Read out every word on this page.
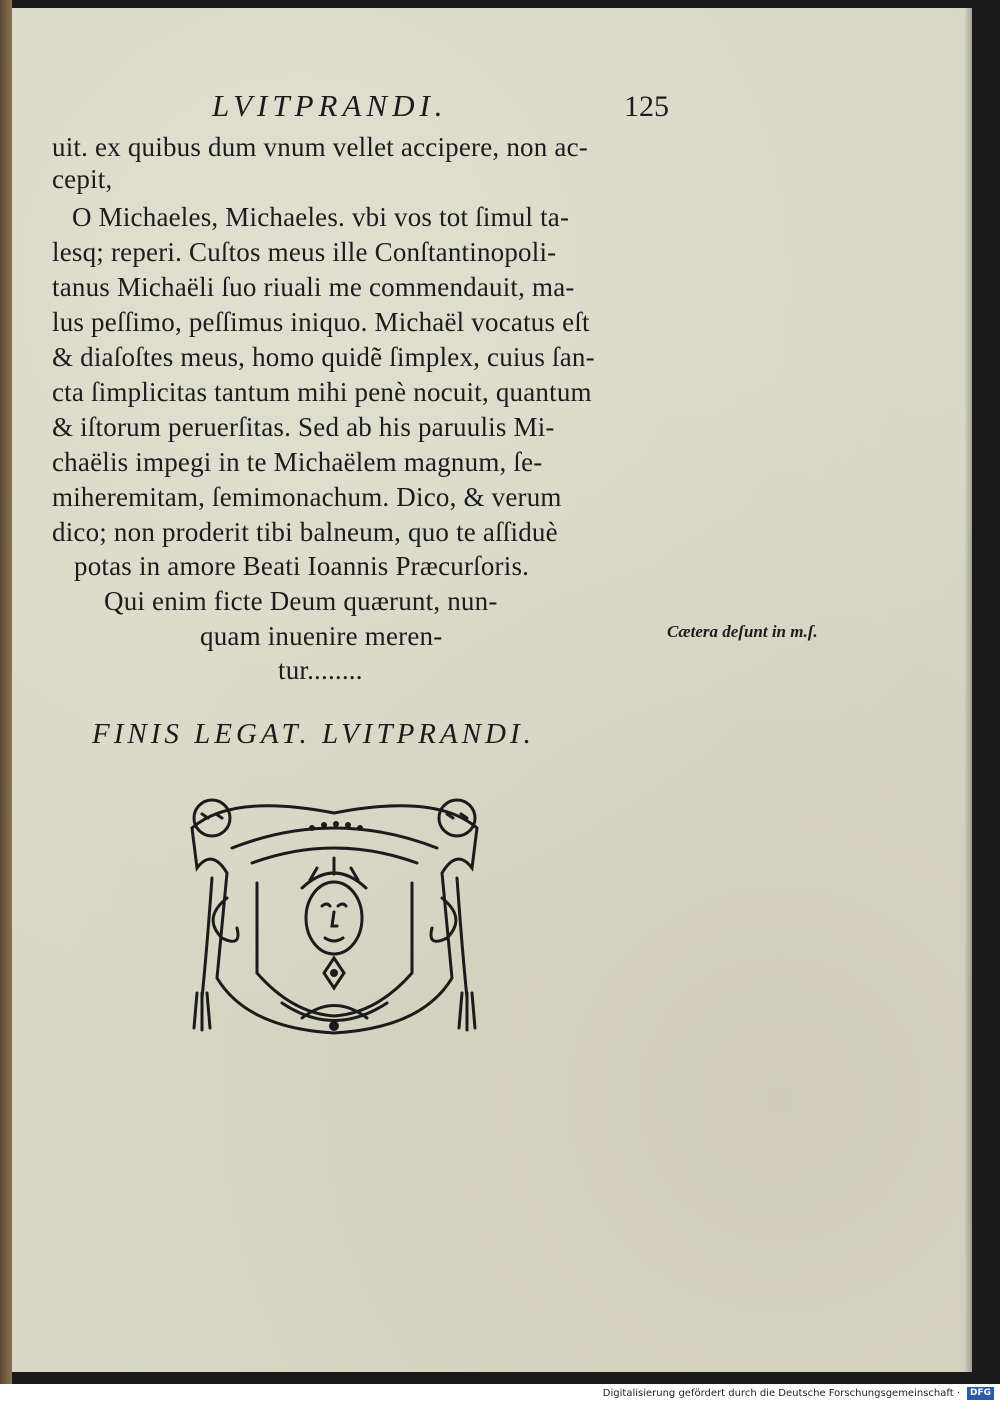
LVITPRANDI.	125
uit. ex quibus dum vnum vellet accipere, non ac-
cepit,
O Michaeles, Michaeles. vbi vos tot ſimul ta-
lesq; reperi. Cuſtos meus ille Conſtantinopoli-
tanus Michaëli ſuo riuali me commendauit, ma-
lus peſſimo, peſſimus iniquo. Michaël vocatus eſt
& diaſoſtes meus, homo quidẽ ſimplex, cuius ſan-
cta ſimplicitas tantum mihi penè nocuit, quantum
& iſtorum peruerſitas. Sed ab his paruulis Mi-
chaëlis impegi in te Michaëlem magnum, ſe-
miheremitam, ſemimonachum. Dico, & verum
dico; non proderit tibi balneum, quo te aſſiduè
potas in amore Beati Ioannis Præcurſoris.
Qui enim ficte Deum quærunt, nun-
quam inuenire meren-
tur........
Cætera deſunt in m.ſ.
FINIS LEGAT. LVITPRANDI.
Digitalisierung gefördert durch die Deutsche Forschungsgemeinschaft ·	DFG
